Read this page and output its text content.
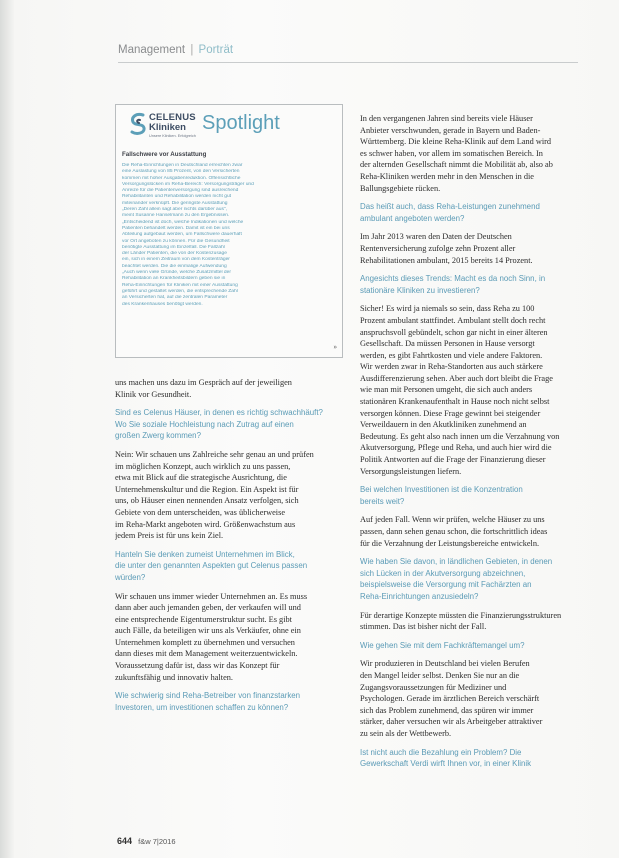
Management | Porträt
CELENUS
Kliniken
Unsere Kliniken. Erfolgreich
Spotlight
Fallschwere vor Ausstattung
Die Reha-Einrichtungen in Deutschland erreichten zwar
eine Auslastung von 85 Prozent, von den Versicherten
kommen mit hoher Ausgabenreduktion. Offensichtliche
Versorgungslücken im Reha-Bereich: Versorgungsträger und
Anreize für die Patientenversorgung sind ausreichend
Rehabilitanten und Rehabilitation werden nicht gut
miteinander verknüpft. Die geringste Ausstattung
„Deren Zahl allein sagt aber nichts darüber aus“,
meint Susanne Hanselmann zu den Ergebnissen.
„Entscheidend ist doch, welche Indikationen und welche
Patienten behandelt werden. Damit ist ein bei uns
Abteilung aufgebaut werden, um Fallschwere dauerhaft
vor Ort angeboten zu können. Für die Gesundheit
benötigte Ausstattung im Einzelfall. Die Fallzahl
der Länder Patienten, die von der Kostenzusage
ein, sich in einem Zeitraum von dem Kostenträger
beachtet werden. Die die einmalige Aufwendung
„Auch wenn viele Gründe, welche Zusatzmittel der
Rehabilitation an Krankheitsbildern geben sie in
Reha-Einrichtungen für Kliniken mit einer Ausstattung
geführt und gestaltet werden, die entsprechende Zahl
an Versicherten hat, auf die zentralen Parameter
des Krankenhauses benötigt werden.
»
uns machen uns dazu im Gespräch auf der jeweiligen
Klinik vor Gesundheit.
Sind es Celenus Häuser, in denen es richtig schwachhäuft?
Wo Sie soziale Hochleistung nach Zutrag auf einen
großen Zwerg kommen?
Nein: Wir schauen uns Zahlreiche sehr genau an und prüfen
im möglichen Konzept, auch wirklich zu uns passen,
etwa mit Blick auf die strategische Ausrichtung, die
Unternehmenskultur und die Region. Ein Aspekt ist für
uns, ob Häuser einen nennenden Ansatz verfolgen, sich
Gebiete von dem unterscheiden, was üblicherweise
im Reha-Markt angeboten wird. Größenwachstum aus
jedem Preis ist für uns kein Ziel.
Hanteln Sie denken zumeist Unternehmen im Blick,
die unter den genannten Aspekten gut Celenus passen
würden?
Wir schauen uns immer wieder Unternehmen an. Es muss
dann aber auch jemanden geben, der verkaufen will und
eine entsprechende Eigentumerstruktur sucht. Es gibt
auch Fälle, da beteiligen wir uns als Verkäufer, ohne ein
Unternehmen komplett zu übernehmen und versuchen
dann dieses mit dem Management weiterzuentwickeln.
Voraussetzung dafür ist, dass wir das Konzept für
zukunftsfähig und innovativ halten.
Wie schwierig sind Reha-Betreiber von finanzstarken
Investoren, um investitionen schaffen zu können?
In den vergangenen Jahren sind bereits viele Häuser
Anbieter verschwunden, gerade in Bayern und Baden-
Württemberg. Die kleine Reha-Klinik auf dem Land wird
es schwer haben, vor allem im somatischen Bereich. In
der alternden Gesellschaft nimmt die Mobilität ab, also ab
Reha-Kliniken werden mehr in den Menschen in die
Ballungsgebiete rücken.
Das heißt auch, dass Reha-Leistungen zunehmend
ambulant angeboten werden?
Im Jahr 2013 waren den Daten der Deutschen
Rentenversicherung zufolge zehn Prozent aller
Rehabilitationen ambulant, 2015 bereits 14 Prozent.
Angesichts dieses Trends: Macht es da noch Sinn, in
stationäre Kliniken zu investieren?
Sicher! Es wird ja niemals so sein, dass Reha zu 100
Prozent ambulant stattfindet. Ambulant stellt doch recht
anspruchsvoll gebündelt, schon gar nicht in einer älteren
Gesellschaft. Da müssen Personen in Hause versorgt
werden, es gibt Fahrtkosten und viele andere Faktoren.
Wir werden zwar in Reha-Standorten aus auch stärkere
Ausdifferenzierung sehen. Aber auch dort bleibt die Frage
wie man mit Personen umgeht, die sich auch anders
stationären Krankenaufenthalt in Hause noch nicht selbst
versorgen können. Diese Frage gewinnt bei steigender
Verweildauern in den Akutkliniken zunehmend an
Bedeutung. Es geht also nach innen um die Verzahnung von
Akutversorgung, Pflege und Reha, und auch hier wird die
Politik Antworten auf die Frage der Finanzierung dieser
Versorgungsleistungen liefern.
Bei welchen Investitionen ist die Konzentration
bereits weit?
Auf jeden Fall. Wenn wir prüfen, welche Häuser zu uns
passen, dann sehen genau schon, die fortschrittlich ideas
für die Verzahnung der Leistungsbereiche entwickeln.
Wie haben Sie davon, in ländlichen Gebieten, in denen
sich Lücken in der Akutversorgung abzeichnen,
beispielsweise die Versorgung mit Fachärzten an
Reha-Einrichtungen anzusiedeln?
Für derartige Konzepte müssten die Finanzierungsstrukturen
stimmen. Das ist bisher nicht der Fall.
Wie gehen Sie mit dem Fachkräftemangel um?
Wir produzieren in Deutschland bei vielen Berufen
den Mangel leider selbst. Denken Sie nur an die
Zugangsvoraussetzungen für Mediziner und
Psychologen. Gerade im ärztlichen Bereich verschärft
sich das Problem zunehmend, das spüren wir immer
stärker, daher versuchen wir als Arbeitgeber attraktiver
zu sein als der Wettbewerb.
Ist nicht auch die Bezahlung ein Problem? Die
Gewerkschaft Verdi wirft Ihnen vor, in einer Klinik
644 f&w 7|2016
